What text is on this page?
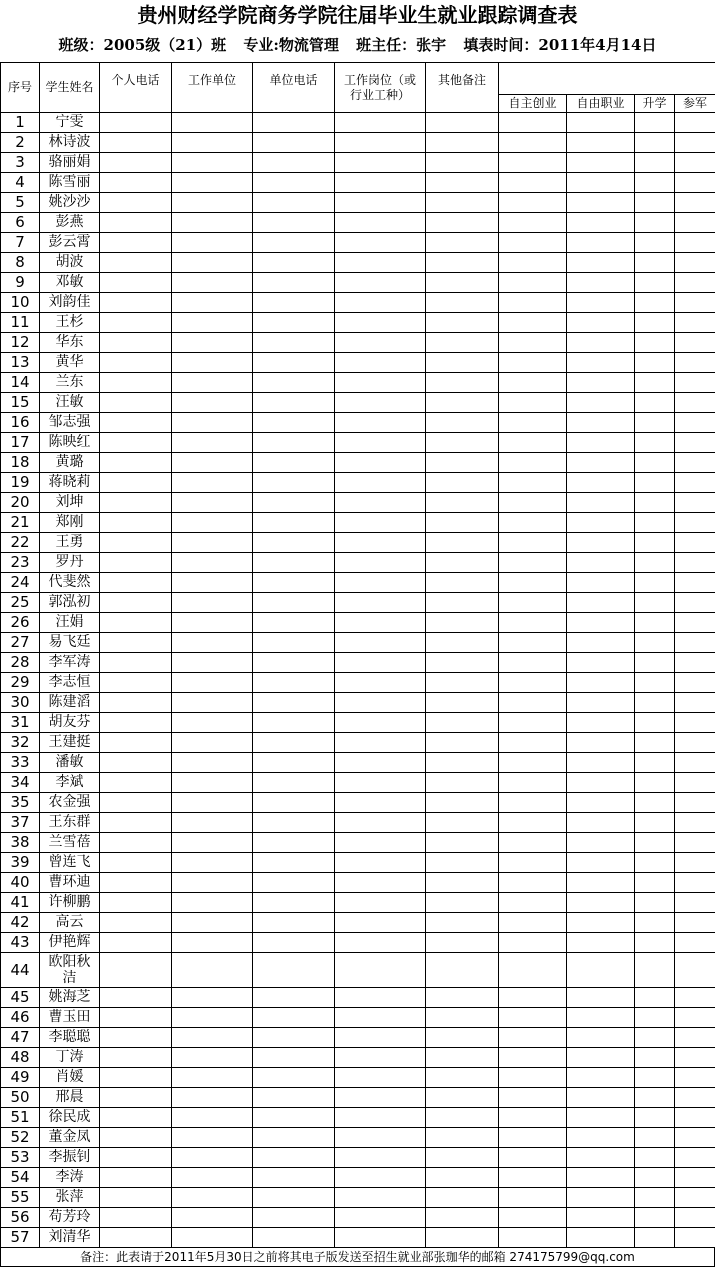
贵州财经学院商务学院往届毕业生就业跟踪调查表
班级：2005级（21）班 专业:物流管理 班主任：张宇 填表时间：2011年4月14日
序号	学生姓名	个人电话	工作单位	单位电话	工作岗位（或行业工种）	其他备注				
							自主创业	自由职业	升学	参军
1	宁雯									
2	林诗波									
3	骆丽娟									
4	陈雪丽									
5	姚沙沙									
6	彭燕									
7	彭云霄									
8	胡波									
9	邓敏									
10	刘韵佳									
11	王杉									
12	华东									
13	黄华									
14	兰东									
15	汪敏									
16	邹志强									
17	陈映红									
18	黄璐									
19	蒋晓莉									
20	刘坤									
21	郑刚									
22	王勇									
23	罗丹									
24	代斐然									
25	郭泓初									
26	汪娟									
27	易飞廷									
28	李军涛									
29	李志恒									
30	陈建滔									
31	胡友芬									
32	王建挺									
33	潘敏									
34	李斌									
35	农金强									
37	王东群									
38	兰雪蓓									
39	曾连飞									
40	曹环迪									
41	许柳鹏									
42	高云									
43	伊艳辉									
44	欧阳秋洁									
45	姚海芝									
46	曹玉田									
47	李聪聪									
48	丁涛									
49	肖媛									
50	邢晨									
51	徐民成									
52	董金凤									
53	李振钊									
54	李涛									
55	张萍									
56	苟芳玲									
57	刘清华									
备注：此表请于2011年5月30日之前将其电子版发送至招生就业部张珈华的邮箱 274175799@qq.com
